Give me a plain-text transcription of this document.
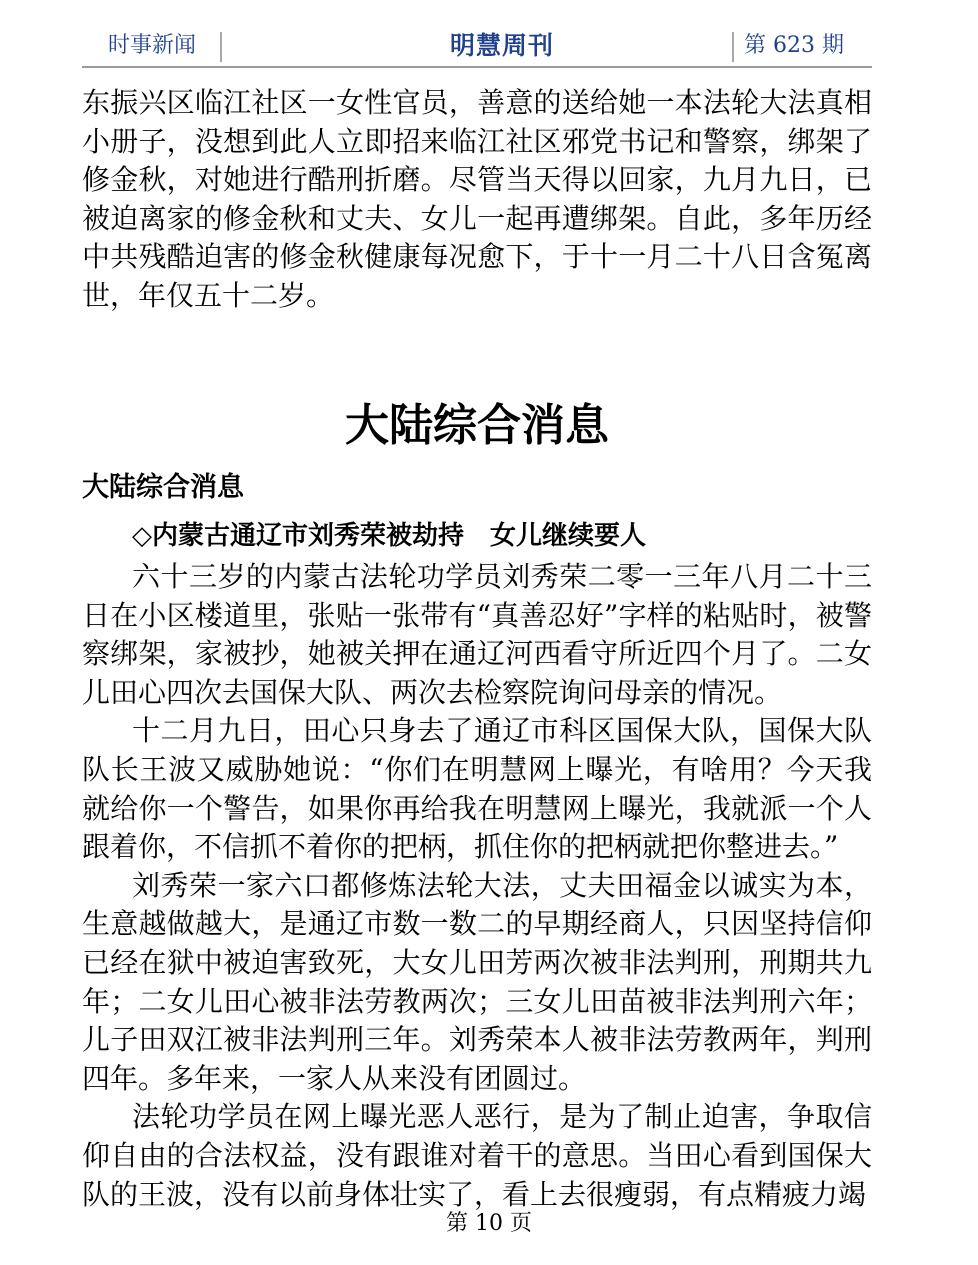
时事新闻	明慧周刊	第 623 期

东振兴区临江社区一女性官员，善意的送给她一本法轮大法真相小册子，没想到此人立即招来临江社区邪党书记和警察，绑架了修金秋，对她进行酷刑折磨。尽管当天得以回家，九月九日，已被迫离家的修金秋和丈夫、女儿一起再遭绑架。自此，多年历经中共残酷迫害的修金秋健康每况愈下，于十一月二十八日含冤离世，年仅五十二岁。

大陆综合消息
大陆综合消息
◇内蒙古通辽市刘秀荣被劫持　女儿继续要人

六十三岁的内蒙古法轮功学员刘秀荣二零一三年八月二十三日在小区楼道里，张贴一张带有“真善忍好”字样的粘贴时，被警察绑架，家被抄，她被关押在通辽河西看守所近四个月了。二女儿田心四次去国保大队、两次去检察院询问母亲的情况。

十二月九日，田心只身去了通辽市科区国保大队，国保大队队长王波又威胁她说：“你们在明慧网上曝光，有啥用？今天我就给你一个警告，如果你再给我在明慧网上曝光，我就派一个人跟着你，不信抓不着你的把柄，抓住你的把柄就把你整进去。”

刘秀荣一家六口都修炼法轮大法，丈夫田福金以诚实为本，生意越做越大，是通辽市数一数二的早期经商人，只因坚持信仰已经在狱中被迫害致死，大女儿田芳两次被非法判刑，刑期共九年；二女儿田心被非法劳教两次；三女儿田苗被非法判刑六年；儿子田双江被非法判刑三年。刘秀荣本人被非法劳教两年，判刑四年。多年来，一家人从来没有团圆过。

法轮功学员在网上曝光恶人恶行，是为了制止迫害，争取信仰自由的合法权益，没有跟谁对着干的意思。当田心看到国保大队的王波，没有以前身体壮实了，看上去很瘦弱，有点精疲力竭

第 10 页
